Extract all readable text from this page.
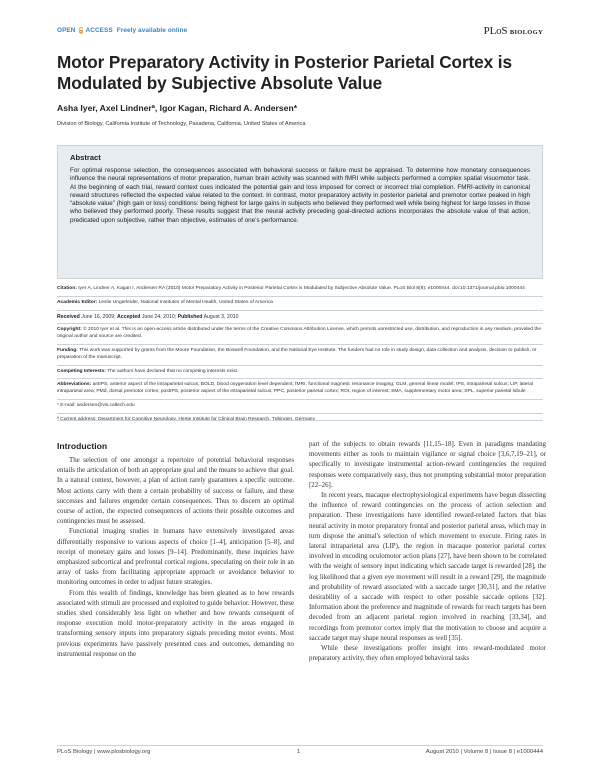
OPEN ACCESS Freely available online	PLoS BIOLOGY
Motor Preparatory Activity in Posterior Parietal Cortex is Modulated by Subjective Absolute Value
Asha Iyer, Axel Lindnerª, Igor Kagan, Richard A. Andersen*
Division of Biology, California Institute of Technology, Pasadena, California, United States of America
Abstract

For optimal response selection, the consequences associated with behavioral success or failure must be appraised. To determine how monetary consequences influence the neural representations of motor preparation, human brain activity was scanned with fMRI while subjects performed a complex spatial visuomotor task. At the beginning of each trial, reward context cues indicated the potential gain and loss imposed for correct or incorrect trial completion. FMRI-activity in canonical reward structures reflected the expected value related to the context. In contrast, motor preparatory activity in posterior parietal and premotor cortex peaked in high “absolute value” (high gain or loss) conditions: being highest for large gains in subjects who believed they performed well while being highest for large losses in those who believed they performed poorly. These results suggest that the neural activity preceding goal-directed actions incorporates the absolute value of that action, predicated upon subjective, rather than objective, estimates of one’s performance.

Citation: Iyer A, Lindner A, Kagan I, Andersen RA (2010) Motor Preparatory Activity in Posterior Parietal Cortex is Modulated by Subjective Absolute Value. PLoS Biol 8(8): e1000444. doi:10.1371/journal.pbio.1000444
Academic Editor: Leslie Ungerleider, National Institutes of Mental Health, United States of America
Received June 16, 2009; Accepted June 24, 2010; Published August 3, 2010
Copyright: © 2010 Iyer et al. This is an open-access article distributed under the terms of the Creative Commons Attribution License, which permits unrestricted use, distribution, and reproduction in any medium, provided the original author and source are credited.
Funding: This work was supported by grants from the Moore Foundation, the Boswell Foundation, and the National Eye Institute. The funders had no role in study design, data collection and analysis, decision to publish, or preparation of the manuscript.
Competing Interests: The authors have declared that no competing interests exist.
Abbreviations: antIPS, anterior aspect of the intraparietal sulcus; BOLD, blood oxygenation level dependent; fMRI, functional magnetic resonance imaging; GLM, general linear model; IPS, intraparietal sulcus; LIP, lateral intraparietal area; PMd, dorsal premotor cortex; postIPS, posterior aspect of the intraparietal sulcus; PPC, posterior parietal cortex; ROI, region of interest; SMA, supplementary motor area; SPL, superior parietal lobule
* E-mail: andersen@vis.caltech.edu
ª Current address: Department for Cognitive Neurology, Hertie Institute for Clinical Brain Research, Tübingen, Germany
Introduction

The selection of one amongst a repertoire of potential behavioral responses entails the articulation of both an appropriate goal and the means to achieve that goal. In a natural context, however, a plan of action rarely guarantees a specific outcome. Most actions carry with them a certain probability of success or failure, and these successes and failures engender certain consequences. Thus to discern an optimal course of action, the expected consequences of actions their possible outcomes and contingencies must be assessed.

Functional imaging studies in humans have extensively investigated areas differentially responsive to various aspects of choice [1–4], anticipation [5–8], and receipt of monetary gains and losses [9–14]. Predominantly, these inquiries have emphasized subcortical and prefrontal cortical regions, speculating on their role in an array of tasks from facilitating appropriate approach or avoidance behavior to monitoring outcomes in order to adjust future strategies.

From this wealth of findings, knowledge has been gleaned as to how rewards associated with stimuli are processed and exploited to guide behavior. However, these studies shed considerably less light on whether and how rewards consequent of response execution mold motor-preparatory activity in the areas engaged in transforming sensory inputs into preparatory signals preceding motor events. Most previous experiments have passively presented cues and outcomes, demanding no instrumental response on the

part of the subjects to obtain rewards [11,15–18]. Even in paradigms mandating movements either as tools to maintain vigilance or signal choice [3,6,7,19–21], or specifically to investigate instrumental action-reward contingencies the required responses were comparatively easy, thus not prompting substantial motor preparation [22–26].

In recent years, macaque electrophysiological experiments have begun dissecting the influence of reward contingencies on the process of action selection and preparation. These investigations have identified reward-related factors that bias neural activity in motor preparatory frontal and posterior parietal areas, which may in turn dispose the animal's selection of which movement to execute. Firing rates in lateral intraparietal area (LIP), the region in macaque posterior parietal cortex involved in encoding oculomotor action plans [27], have been shown to be correlated with the weight of sensory input indicating which saccade target is rewarded [28], the log likelihood that a given eye movement will result in a reward [29], the magnitude and probability of reward associated with a saccade target [30,31], and the relative desirability of a saccade with respect to other possible saccade options [32]. Information about the preference and magnitude of rewards for reach targets has been decoded from an adjacent parietal region involved in reaching [33,34], and recordings from premotor cortex imply that the motivation to choose and acquire a saccade target may shape neural responses as well [35].

While these investigations proffer insight into reward-modulated motor preparatory activity, they often employed behavioral tasks

PLoS Biology | www.plosbiology.org	1	August 2010 | Volume 8 | Issue 8 | e1000444
